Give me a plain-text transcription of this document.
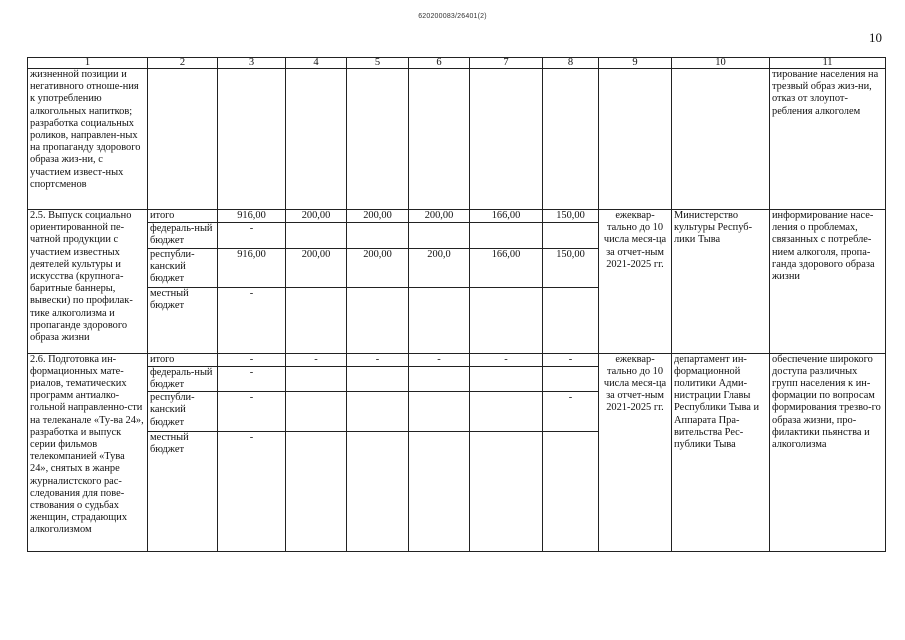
620200083/26401(2)
10
1	2	3	4	5	6	7	8	9	10	11
жизненной позиции и негативного отноше-ния к употреблению алкогольных напитков; разработка социальных роликов, направлен-ных на пропаганду здорового образа жиз-ни, с участием извест-ных спортсменов										тирование населения на трезвый образ жиз-ни, отказ от злоупот-ребления алкоголем
2.5. Выпуск социально ориентированной пе-чатной продукции с участием известных деятелей культуры и искусства (крупнога-баритные баннеры, вывески) по профилак-тике алкоголизма и пропаганде здорового образа жизни	итого	916,00	200,00	200,00	200,00	166,00	150,00	ежеквар-тально до 10 числа меся-ца за отчет-ным 2021-2025 гг.	Министерство культуры Респуб-лики Тыва	информирование насе-ления о проблемах, связанных с потребле-нием алкоголя, пропа-ганда здорового образа жизни
	федераль-ный бюджет	-								
	республи-канский бюджет	916,00	200,00	200,00	200,0	166,00	150,00			
	местный бюджет	-								
2.6. Подготовка ин-формационных мате-риалов, тематических программ антиалко-гольной направленно-сти на телеканале «Ту-ва 24», разработка и выпуск серии фильмов телекомпанией «Тува 24», снятых в жанре журналистского рас-следования для пове-ствования о судьбах женщин, страдающих алкоголизмом	итого	-	-	-	-	-	-	ежеквар-тально до 10 числа меся-ца за отчет-ным 2021-2025 гг.	департамент ин-формационной политики Адми-нистрации Главы Республики Тыва и Аппарата Пра-вительства Рес-публики Тыва	обеспечение широкого доступа различных групп населения к ин-формации по вопросам формирования трезво-го образа жизни, про-филактики пьянства и алкоголизма
	федераль-ный бюджет	-								
	республи-канский бюджет	-					-			
	местный бюджет	-								
